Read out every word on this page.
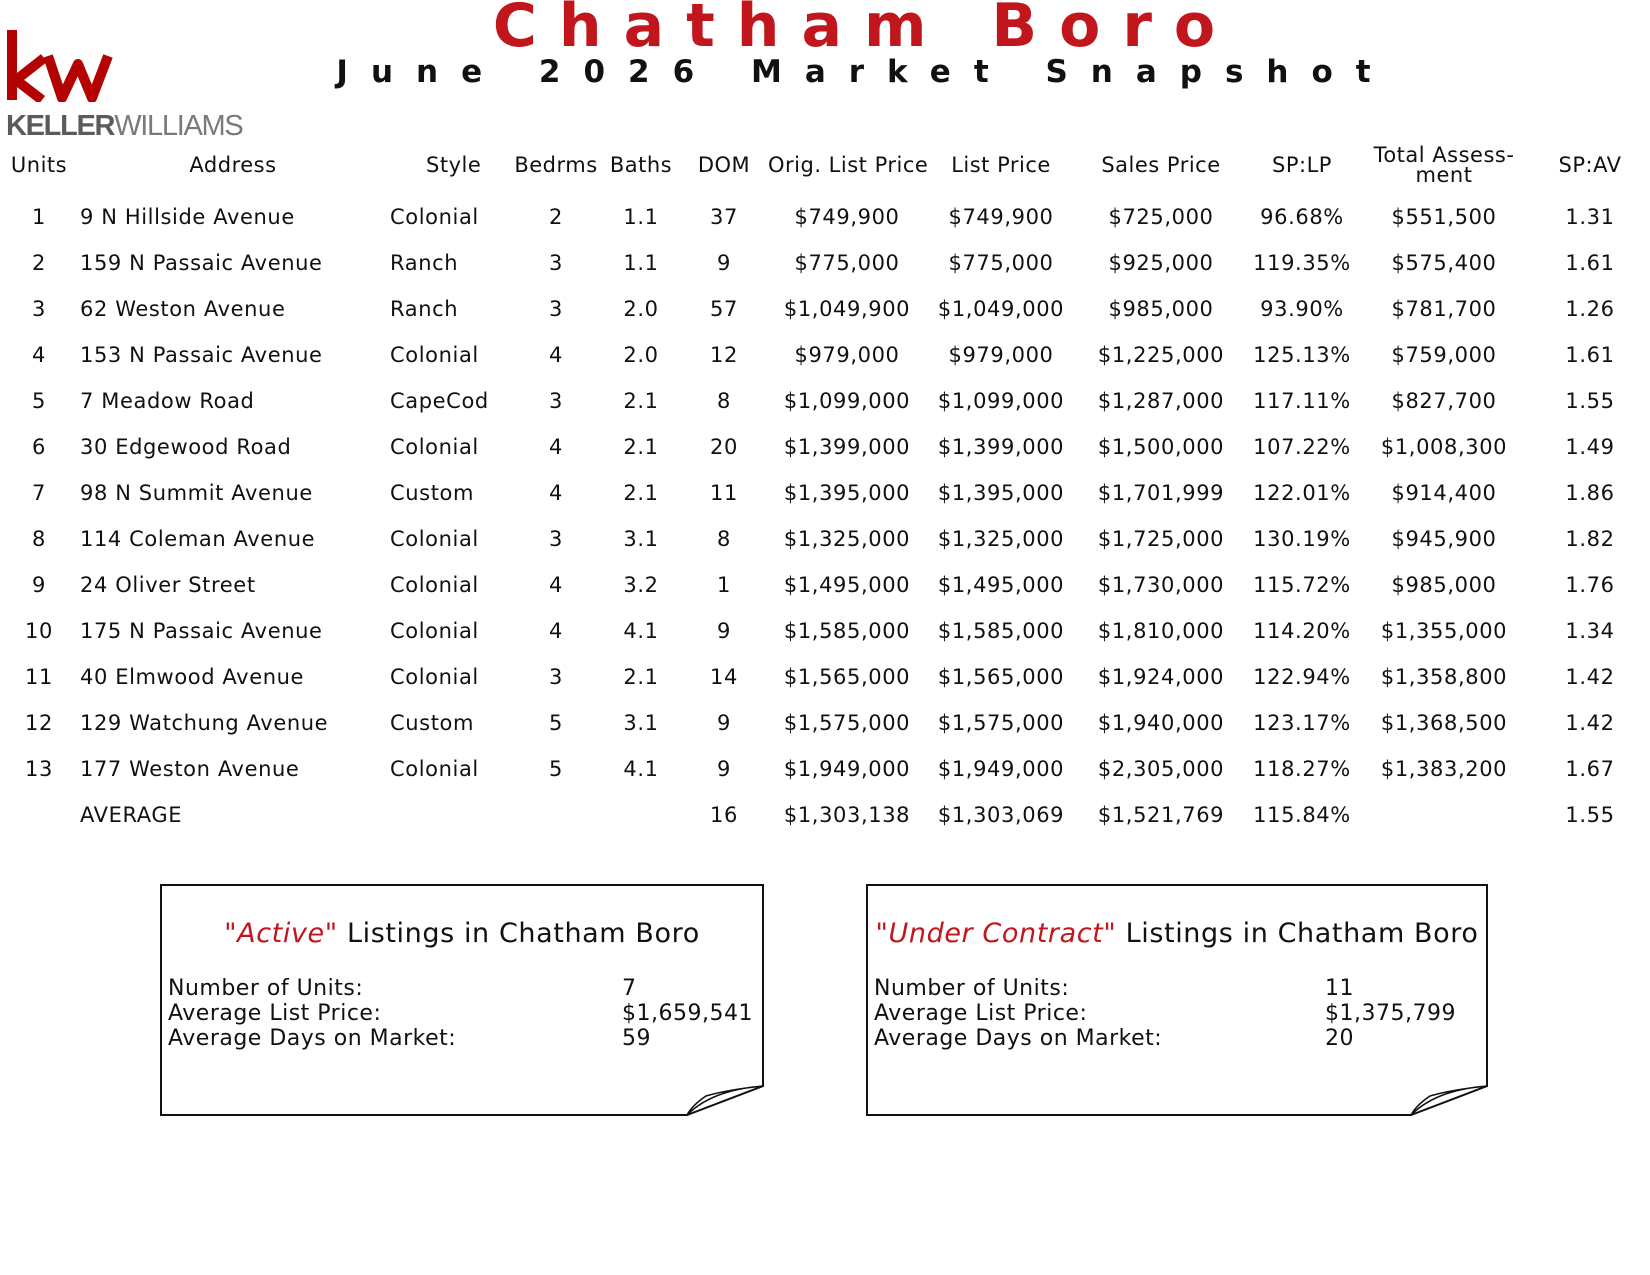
KELLERWILLIAMS
Chatham Boro
June 2026 Market Snapshot
Units	Address	Style	Bedrms	Baths	DOM	Orig. List Price	List Price	Sales Price	SP:LP	Total Assess-
ment	SP:AV
1	9 N Hillside Avenue	Colonial	2	1.1	37	$749,900	$749,900	$725,000	96.68%	$551,500	1.31
2	159 N Passaic Avenue	Ranch	3	1.1	9	$775,000	$775,000	$925,000	119.35%	$575,400	1.61
3	62 Weston Avenue	Ranch	3	2.0	57	$1,049,900	$1,049,000	$985,000	93.90%	$781,700	1.26
4	153 N Passaic Avenue	Colonial	4	2.0	12	$979,000	$979,000	$1,225,000	125.13%	$759,000	1.61
5	7 Meadow Road	CapeCod	3	2.1	8	$1,099,000	$1,099,000	$1,287,000	117.11%	$827,700	1.55
6	30 Edgewood Road	Colonial	4	2.1	20	$1,399,000	$1,399,000	$1,500,000	107.22%	$1,008,300	1.49
7	98 N Summit Avenue	Custom	4	2.1	11	$1,395,000	$1,395,000	$1,701,999	122.01%	$914,400	1.86
8	114 Coleman Avenue	Colonial	3	3.1	8	$1,325,000	$1,325,000	$1,725,000	130.19%	$945,900	1.82
9	24 Oliver Street	Colonial	4	3.2	1	$1,495,000	$1,495,000	$1,730,000	115.72%	$985,000	1.76
10	175 N Passaic Avenue	Colonial	4	4.1	9	$1,585,000	$1,585,000	$1,810,000	114.20%	$1,355,000	1.34
11	40 Elmwood Avenue	Colonial	3	2.1	14	$1,565,000	$1,565,000	$1,924,000	122.94%	$1,358,800	1.42
12	129 Watchung Avenue	Custom	5	3.1	9	$1,575,000	$1,575,000	$1,940,000	123.17%	$1,368,500	1.42
13	177 Weston Avenue	Colonial	5	4.1	9	$1,949,000	$1,949,000	$2,305,000	118.27%	$1,383,200	1.67
	AVERAGE				16	$1,303,138	$1,303,069	$1,521,769	115.84%		1.55
"Active" Listings in Chatham Boro
Number of Units:	7
Average List Price:	$1,659,541
Average Days on Market:	59
"Under Contract" Listings in Chatham Boro
Number of Units:	11
Average List Price:	$1,375,799
Average Days on Market:	20
